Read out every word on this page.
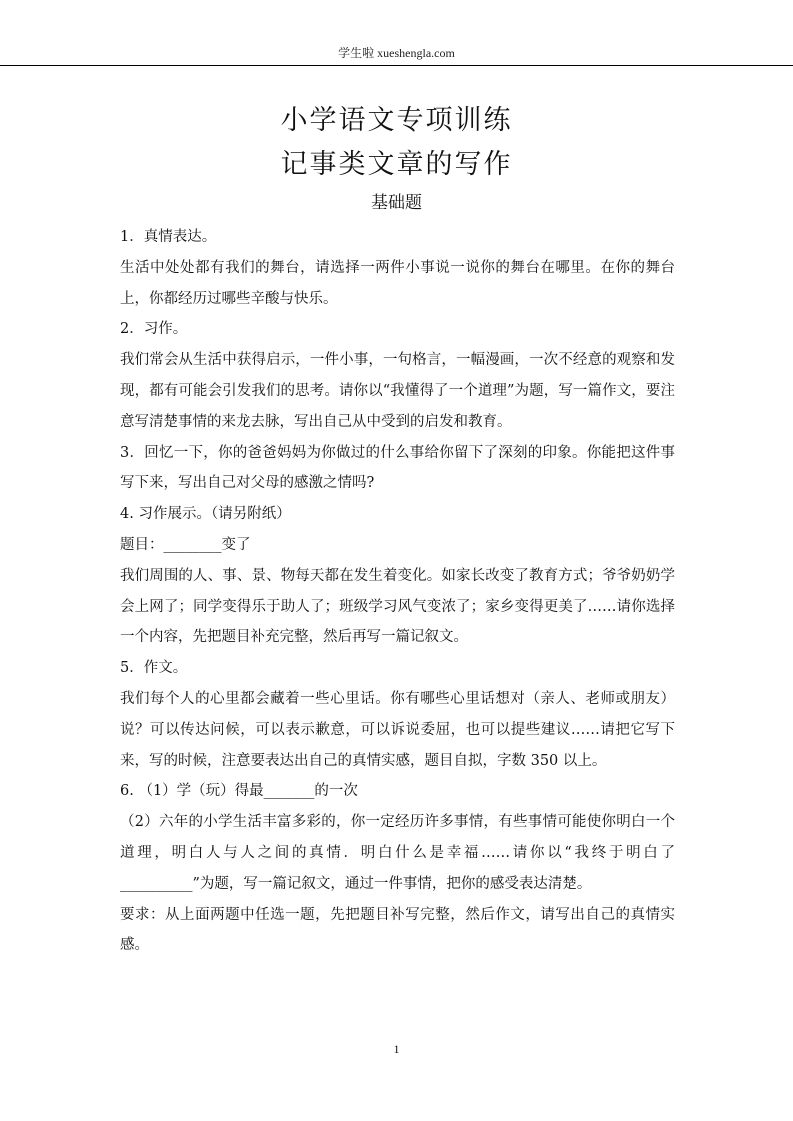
学生啦 xueshengla.com
小学语文专项训练
记事类文章的写作
基础题

1．真情表达。

生活中处处都有我们的舞台，请选择一两件小事说一说你的舞台在哪里。在你的舞台上，你都经历过哪些辛酸与快乐。

2．习作。

我们常会从生活中获得启示，一件小事，一句格言，一幅漫画，一次不经意的观察和发现，都有可能会引发我们的思考。请你以“我懂得了一个道理”为题，写一篇作文，要注意写清楚事情的来龙去脉，写出自己从中受到的启发和教育。

3．回忆一下，你的爸爸妈妈为你做过的什么事给你留下了深刻的印象。你能把这件事写下来，写出自己对父母的感激之情吗?

4. 习作展示。（请另附纸）

题目：________变了

我们周围的人、事、景、物每天都在发生着变化。如家长改变了教育方式；爷爷奶奶学会上网了；同学变得乐于助人了；班级学习风气变浓了；家乡变得更美了……请你选择一个内容，先把题目补充完整，然后再写一篇记叙文。

5．作文。

我们每个人的心里都会藏着一些心里话。你有哪些心里话想对（亲人、老师或朋友）说？可以传达问候，可以表示歉意，可以诉说委屈，也可以提些建议……请把它写下来，写的时候，注意要表达出自己的真情实感，题目自拟，字数 350 以上。

6. （1）学（玩）得最_______的一次

（2）六年的小学生活丰富多彩的，你一定经历许多事情，有些事情可能使你明白一个道理，明白人与人之间的真情．明白什么是幸福……请你以“我终于明白了__________”为题，写一篇记叙文，通过一件事情，把你的感受表达清楚。

要求：从上面两题中任选一题，先把题目补写完整，然后作文，请写出自己的真情实感。

1
